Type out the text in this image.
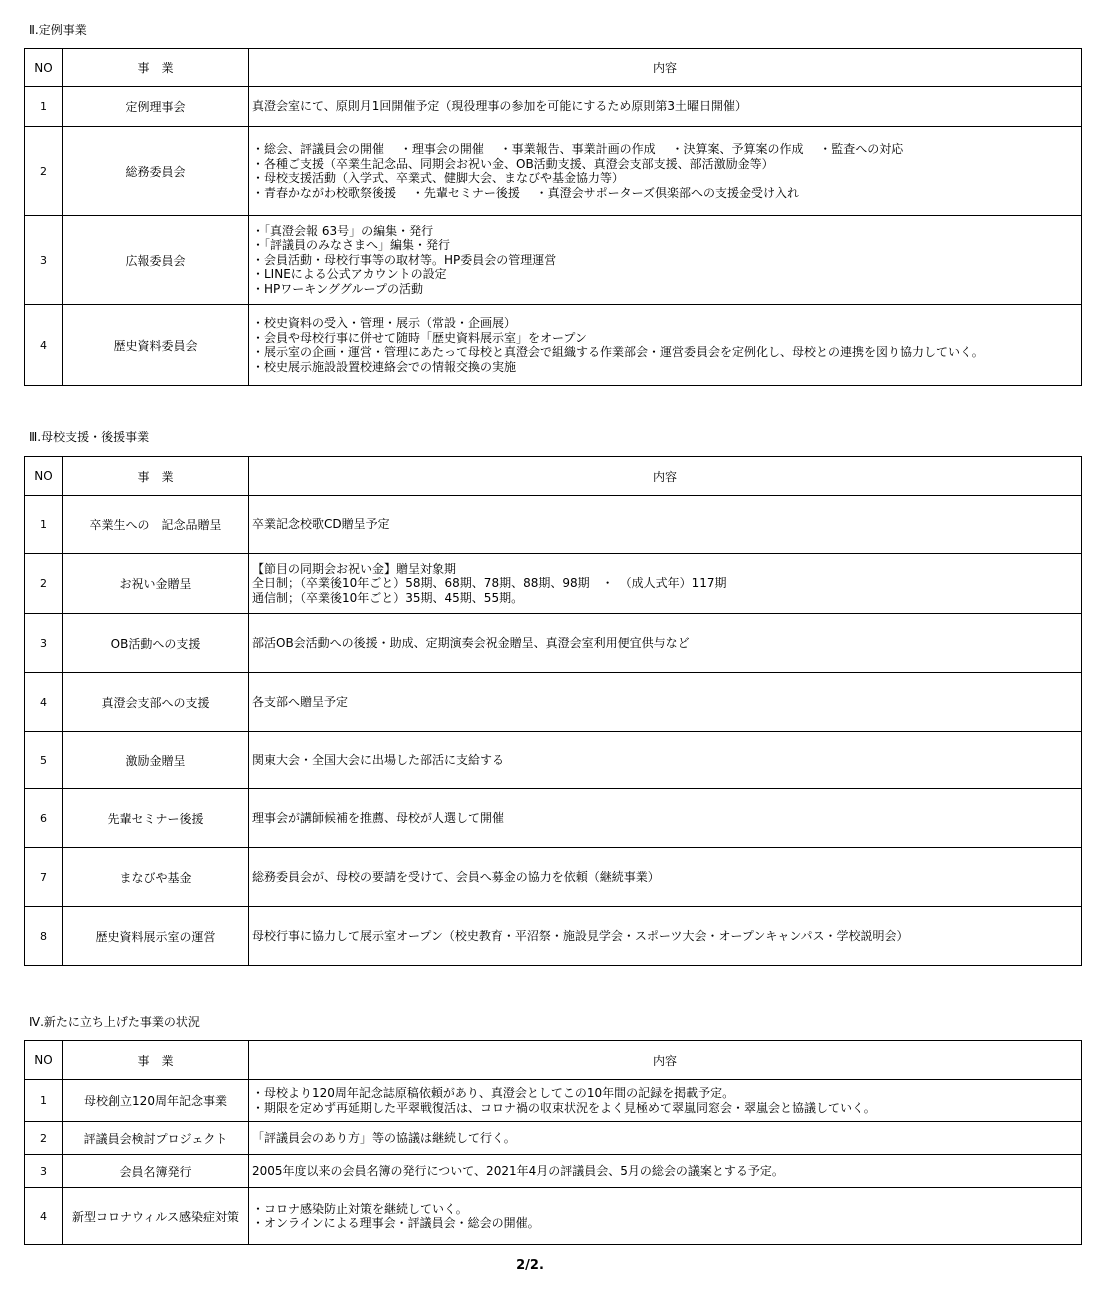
Ⅱ.定例事業
NO	事　業	内容
1	定例理事会	真澄会室にて、原則月1回開催予定（現役理事の参加を可能にするため原則第3土曜日開催）

2	総務委員会	・総会、評議員会の開催　 ・理事会の開催　 ・事業報告、事業計画の作成　 ・決算案、予算案の作成　 ・監査への対応
・各種ご支援（卒業生記念品、同期会お祝い金、OB活動支援、真澄会支部支援、部活激励金等）
・母校支援活動（入学式、卒業式、健脚大会、まなびや基金協力等）
・青春かながわ校歌祭後援　 ・先輩セミナー後援　 ・真澄会サポーターズ倶楽部への支援金受け入れ

3	広報委員会	・「真澄会報 63号」の編集・発行
・「評議員のみなさまへ」編集・発行
・会員活動・母校行事等の取材等。HP委員会の管理運営
・LINEによる公式アカウントの設定
・HPワーキンググループの活動

4	歴史資料委員会	・校史資料の受入・管理・展示（常設・企画展）
・会員や母校行事に併せて随時「歴史資料展示室」をオープン
・展示室の企画・運営・管理にあたって母校と真澄会で組織する作業部会・運営委員会を定例化し、母校との連携を図り協力していく。
・校史展示施設設置校連絡会での情報交換の実施
Ⅲ.母校支援・後援事業
NO	事　業	内容
1	卒業生への　記念品贈呈	卒業記念校歌CD贈呈予定

2	お祝い金贈呈	【節目の同期会お祝い金】贈呈対象期
全日制；（卒業後10年ごと）58期、68期、78期、88期、98期　・　（成人式年）117期
通信制；（卒業後10年ごと）35期、45期、55期。

3	OB活動への支援	部活OB会活動への後援・助成、定期演奏会祝金贈呈、真澄会室利用便宜供与など

4	真澄会支部への支援	各支部へ贈呈予定

5	激励金贈呈	関東大会・全国大会に出場した部活に支給する

6	先輩セミナー後援	理事会が講師候補を推薦、母校が人選して開催

7	まなびや基金	総務委員会が、母校の要請を受けて、会員へ募金の協力を依頼（継続事業）

8	歴史資料展示室の運営	母校行事に協力して展示室オープン（校史教育・平沼祭・施設見学会・スポーツ大会・オープンキャンパス・学校説明会）
Ⅳ.新たに立ち上げた事業の状況
NO	事　業	内容
1	母校創立120周年記念事業	・母校より120周年記念誌原稿依頼があり、真澄会としてこの10年間の記録を掲載予定。
・期限を定めず再延期した平翠戦復活は、コロナ禍の収束状況をよく見極めて翠嵐同窓会・翠嵐会と協議していく。

2	評議員会検討プロジェクト	「評議員会のあり方」等の協議は継続して行く。

3	会員名簿発行	2005年度以来の会員名簿の発行について、2021年4月の評議員会、5月の総会の議案とする予定。

4	新型コロナウィルス感染症対策	・コロナ感染防止対策を継続していく。
・オンラインによる理事会・評議員会・総会の開催。
2/2.
